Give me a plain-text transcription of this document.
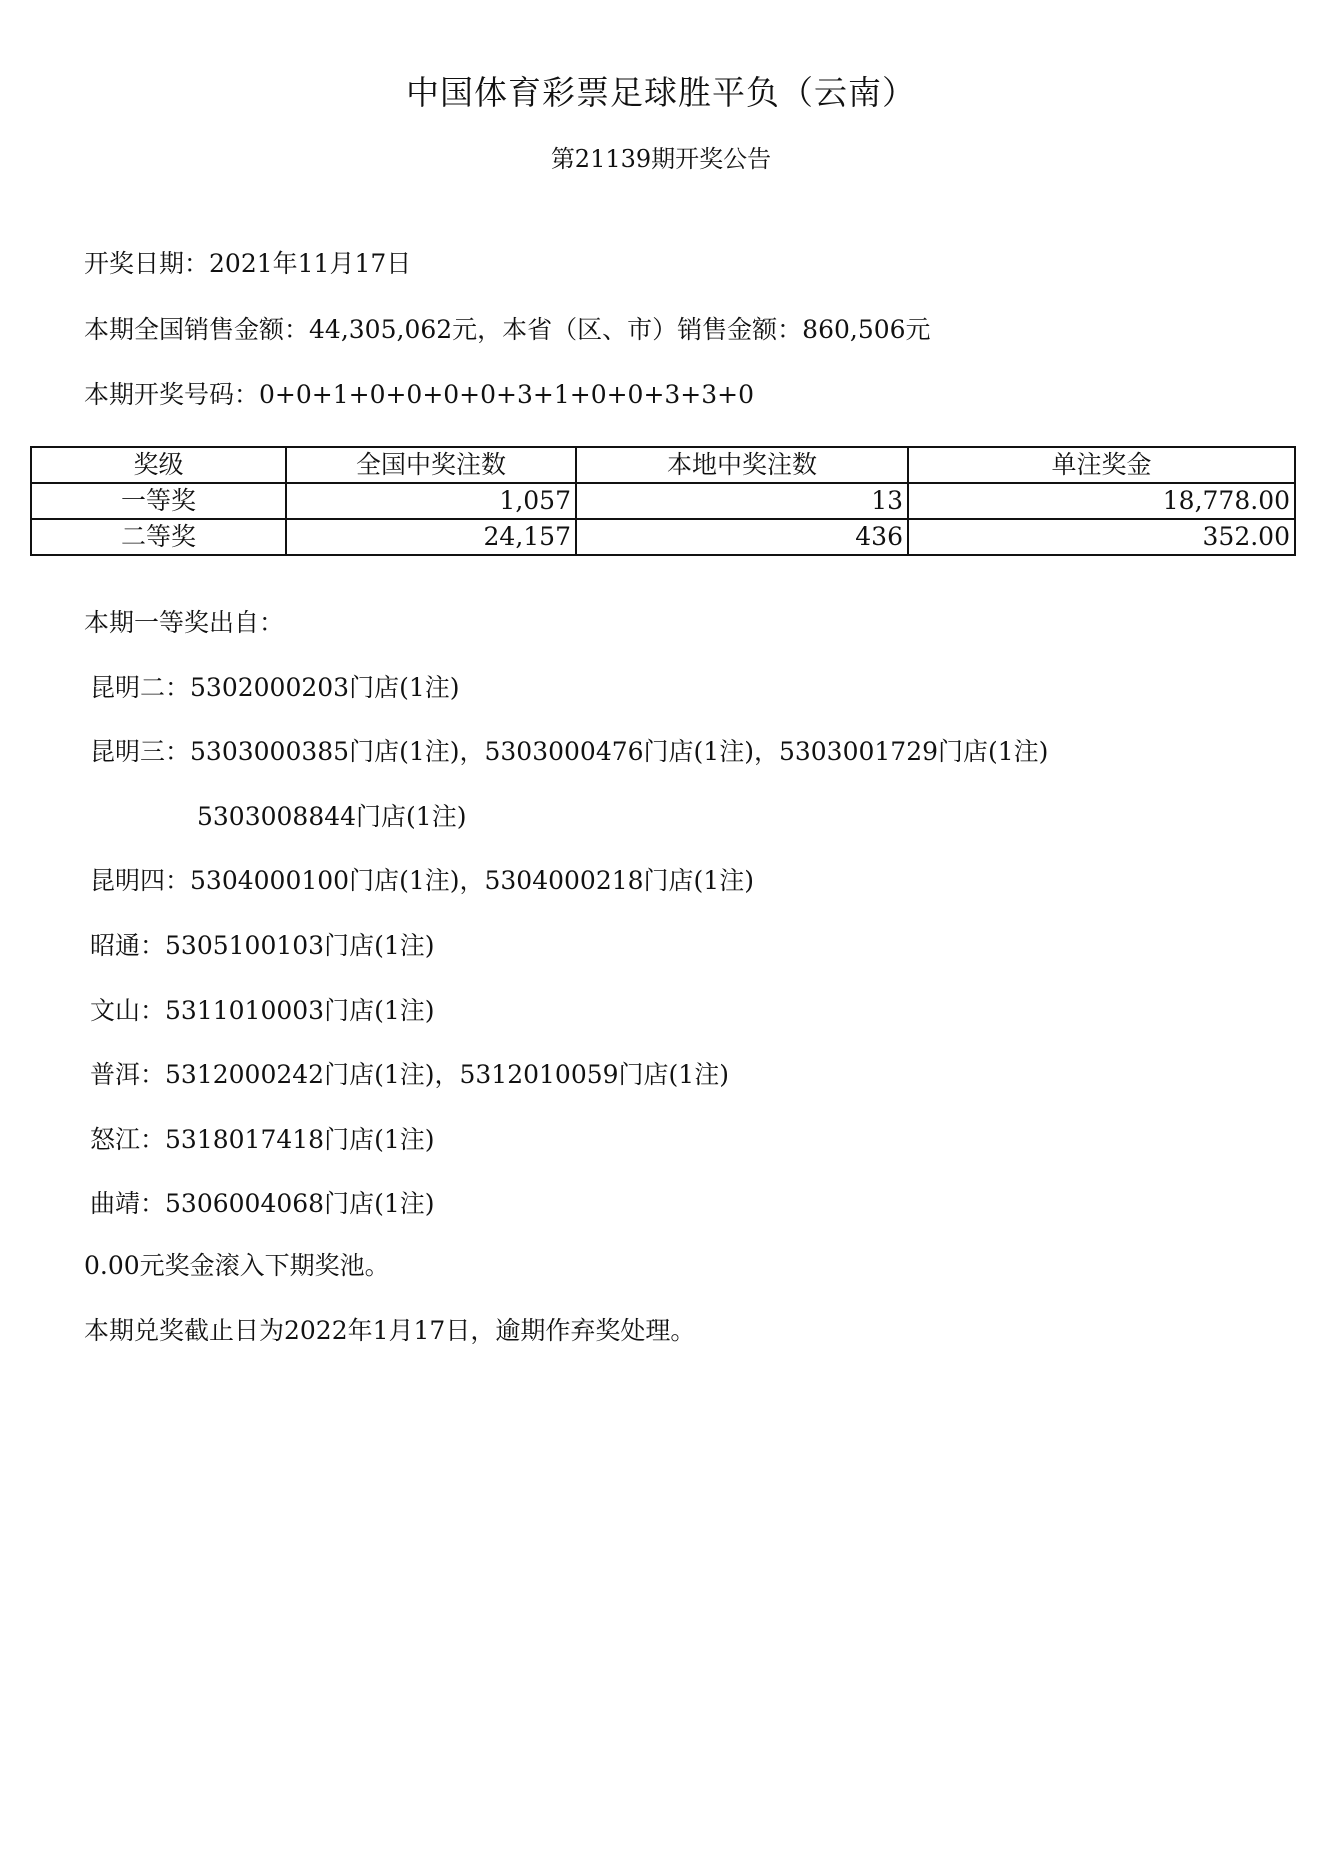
中国体育彩票足球胜平负（云南）
第21139期开奖公告
开奖日期：2021年11月17日
本期全国销售金额：44,305,062元，本省（区、市）销售金额：860,506元
本期开奖号码：0+0+1+0+0+0+0+3+1+0+0+3+3+0
奖级	全国中奖注数	本地中奖注数	单注奖金
一等奖	1,057	13	18,778.00
二等奖	24,157	436	352.00
本期一等奖出自：
昆明二：5302000203门店(1注)
昆明三：5303000385门店(1注)，5303000476门店(1注)，5303001729门店(1注)
5303008844门店(1注)
昆明四：5304000100门店(1注)，5304000218门店(1注)
昭通：5305100103门店(1注)
文山：5311010003门店(1注)
普洱：5312000242门店(1注)，5312010059门店(1注)
怒江：5318017418门店(1注)
曲靖：5306004068门店(1注)
0.00元奖金滚入下期奖池。
本期兑奖截止日为2022年1月17日，逾期作弃奖处理。
